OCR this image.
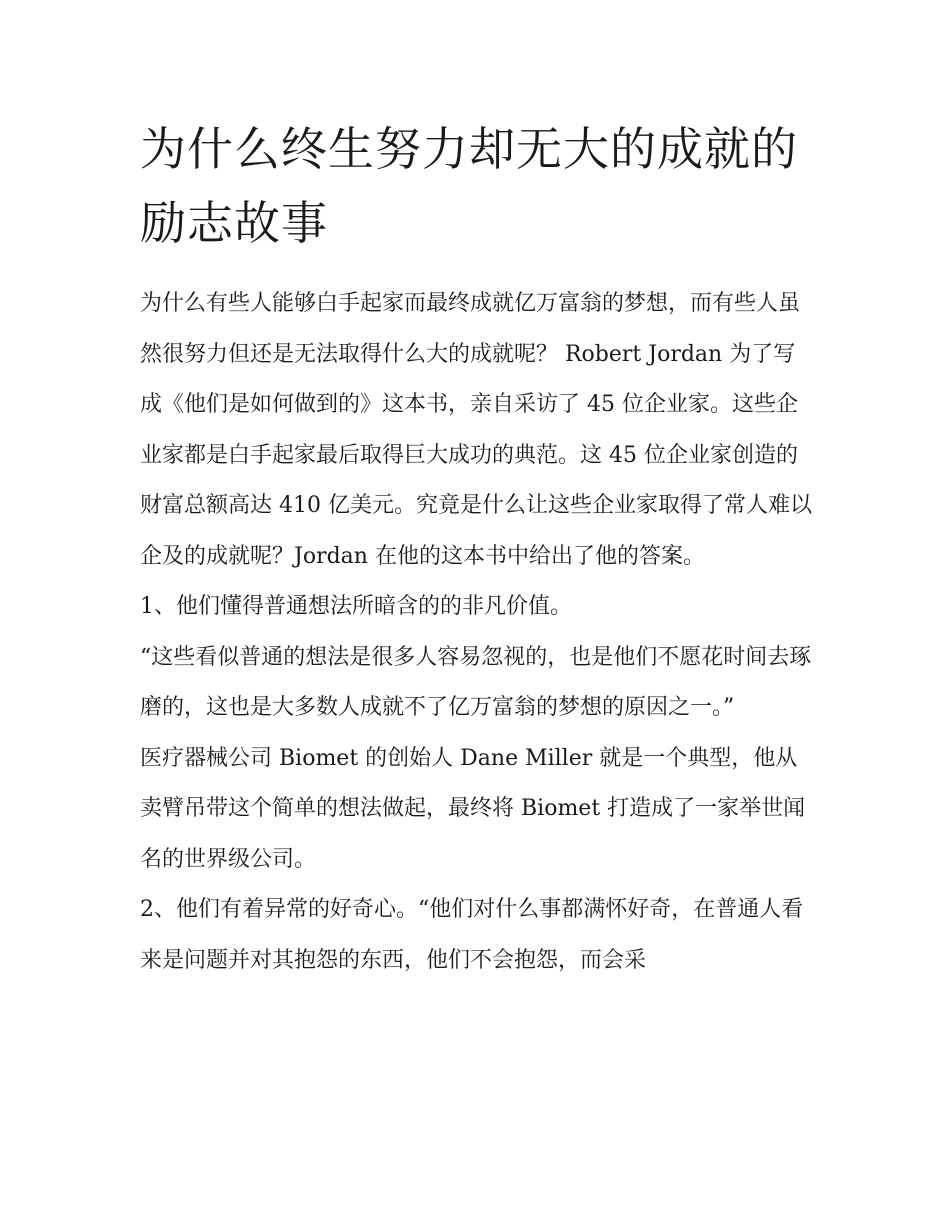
为什么终生努力却无大的成就的励志故事

为什么有些人能够白手起家而最终成就亿万富翁的梦想，而有些人虽然很努力但还是无法取得什么大的成就呢？ Robert Jordan 为了写成《他们是如何做到的》这本书，亲自采访了 45 位企业家。这些企业家都是白手起家最后取得巨大成功的典范。这 45 位企业家创造的财富总额高达 410 亿美元。究竟是什么让这些企业家取得了常人难以企及的成就呢？Jordan 在他的这本书中给出了他的答案。

1、他们懂得普通想法所暗含的的非凡价值。

“这些看似普通的想法是很多人容易忽视的，也是他们不愿花时间去琢磨的，这也是大多数人成就不了亿万富翁的梦想的原因之一。”

医疗器械公司 Biomet 的创始人 Dane Miller 就是一个典型，他从卖臂吊带这个简单的想法做起，最终将 Biomet 打造成了一家举世闻名的世界级公司。

2、他们有着异常的好奇心。“他们对什么事都满怀好奇，在普通人看来是问题并对其抱怨的东西，他们不会抱怨，而会采
